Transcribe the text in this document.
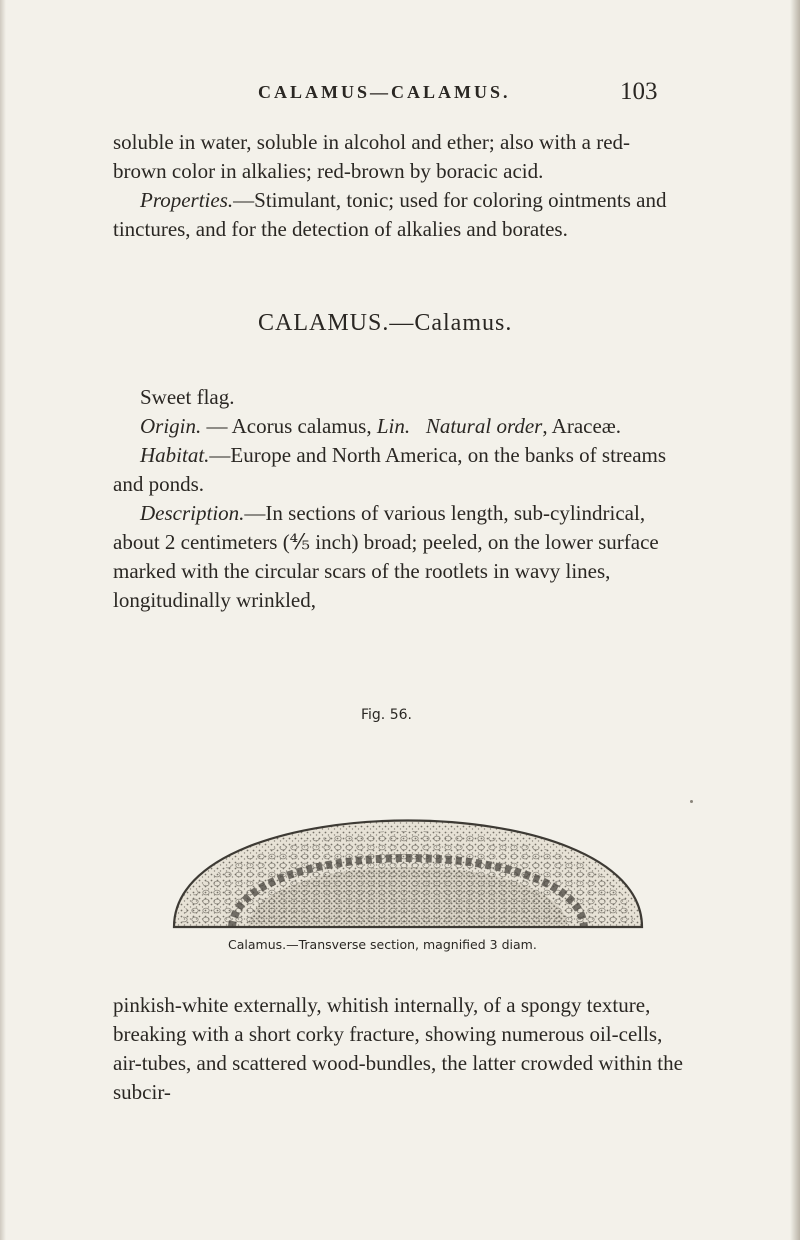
CALAMUS—CALAMUS.	103

soluble in water, soluble in alcohol and ether; also with a red-brown color in alkalies; red-brown by boracic acid.

Properties.—Stimulant, tonic; used for coloring ointments and tinctures, and for the detection of alkalies and borates.

CALAMUS.—Calamus.

Sweet flag.

Origin. — Acorus calamus, Lin. Natural order, Araceæ.

Habitat.—Europe and North America, on the banks of streams and ponds.

Description.—In sections of various length, sub-cylindrical, about 2 centimeters (⅘ inch) broad; peeled, on the lower surface marked with the circular scars of the rootlets in wavy lines, longitudinally wrinkled,

Fig. 56.
Calamus.—Transverse section, magnified 3 diam.

pinkish-white externally, whitish internally, of a spongy texture, breaking with a short corky fracture, showing numerous oil-cells, air-tubes, and scattered wood-bundles, the latter crowded within the subcir-
